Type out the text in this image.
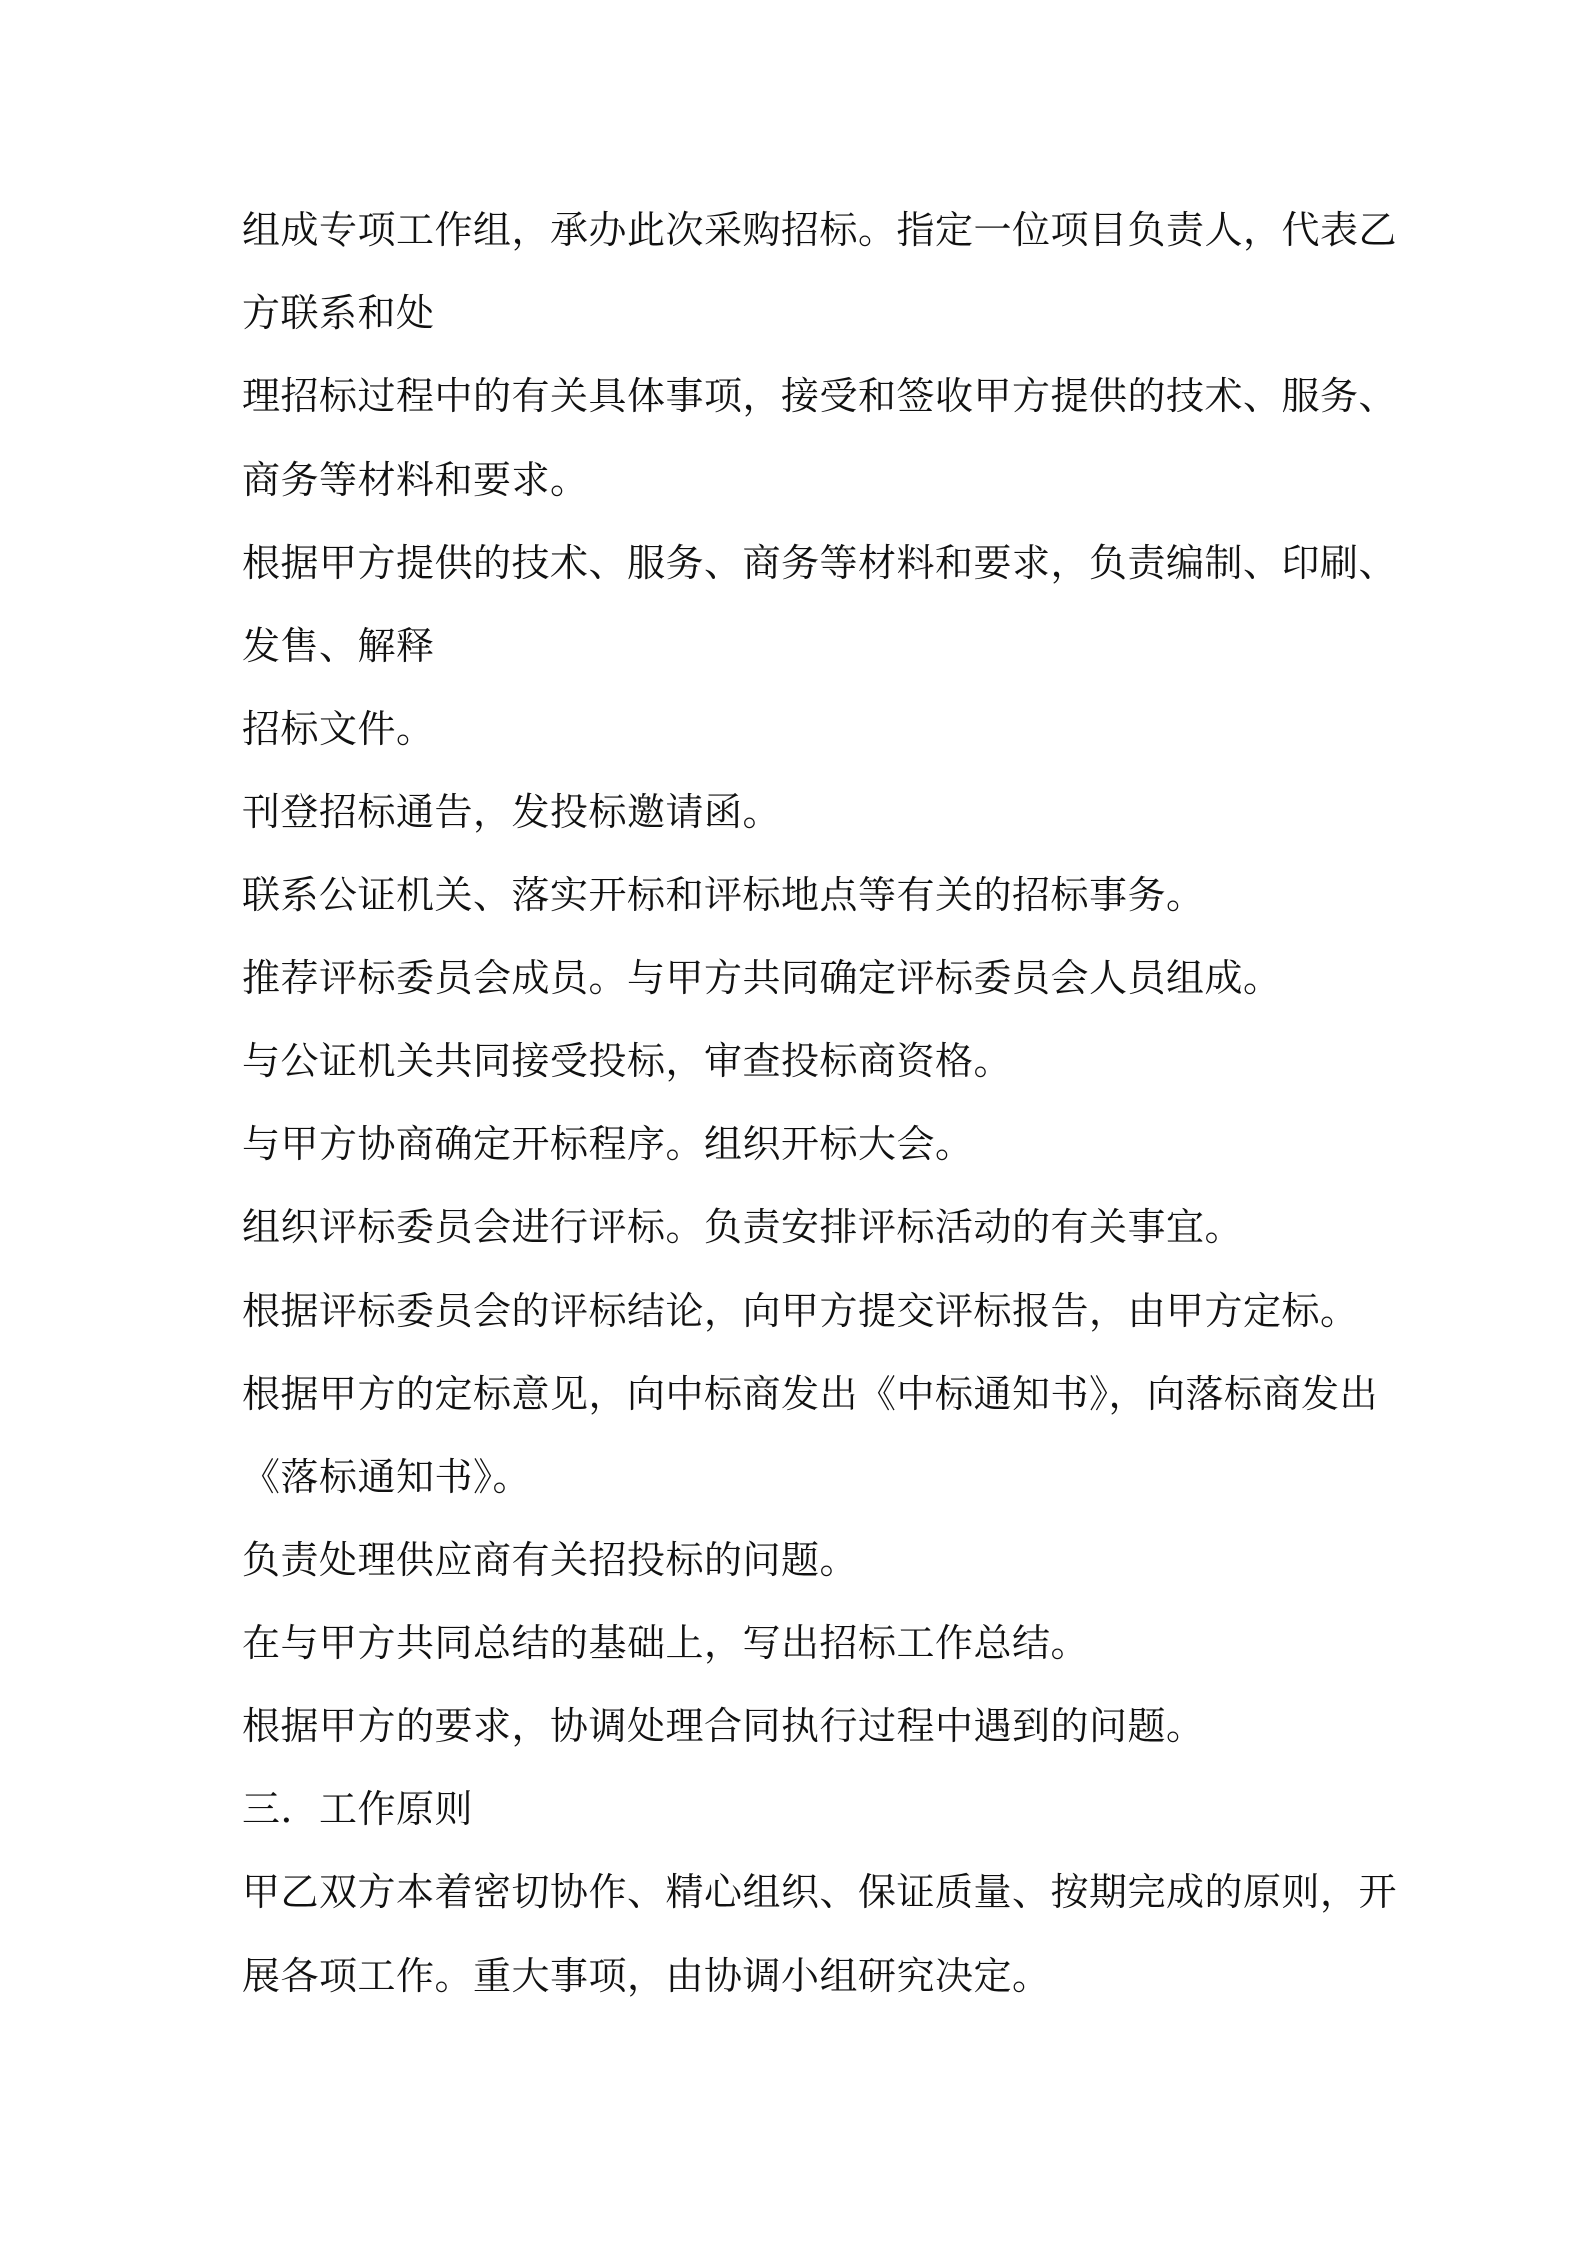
组成专项工作组，承办此次采购招标。指定一位项目负责人，代表乙
方联系和处
理招标过程中的有关具体事项，接受和签收甲方提供的技术、服务、
商务等材料和要求。
根据甲方提供的技术、服务、商务等材料和要求，负责编制、印刷、
发售、解释
招标文件。
刊登招标通告，发投标邀请函。
联系公证机关、落实开标和评标地点等有关的招标事务。
推荐评标委员会成员。与甲方共同确定评标委员会人员组成。
与公证机关共同接受投标，审查投标商资格。
与甲方协商确定开标程序。组织开标大会。
组织评标委员会进行评标。负责安排评标活动的有关事宜。
根据评标委员会的评标结论，向甲方提交评标报告，由甲方定标。
根据甲方的定标意见，向中标商发出《中标通知书》，向落标商发出
《落标通知书》。
负责处理供应商有关招投标的问题。
在与甲方共同总结的基础上，写出招标工作总结。
根据甲方的要求，协调处理合同执行过程中遇到的问题。
三．工作原则
甲乙双方本着密切协作、精心组织、保证质量、按期完成的原则，开
展各项工作。重大事项，由协调小组研究决定。
